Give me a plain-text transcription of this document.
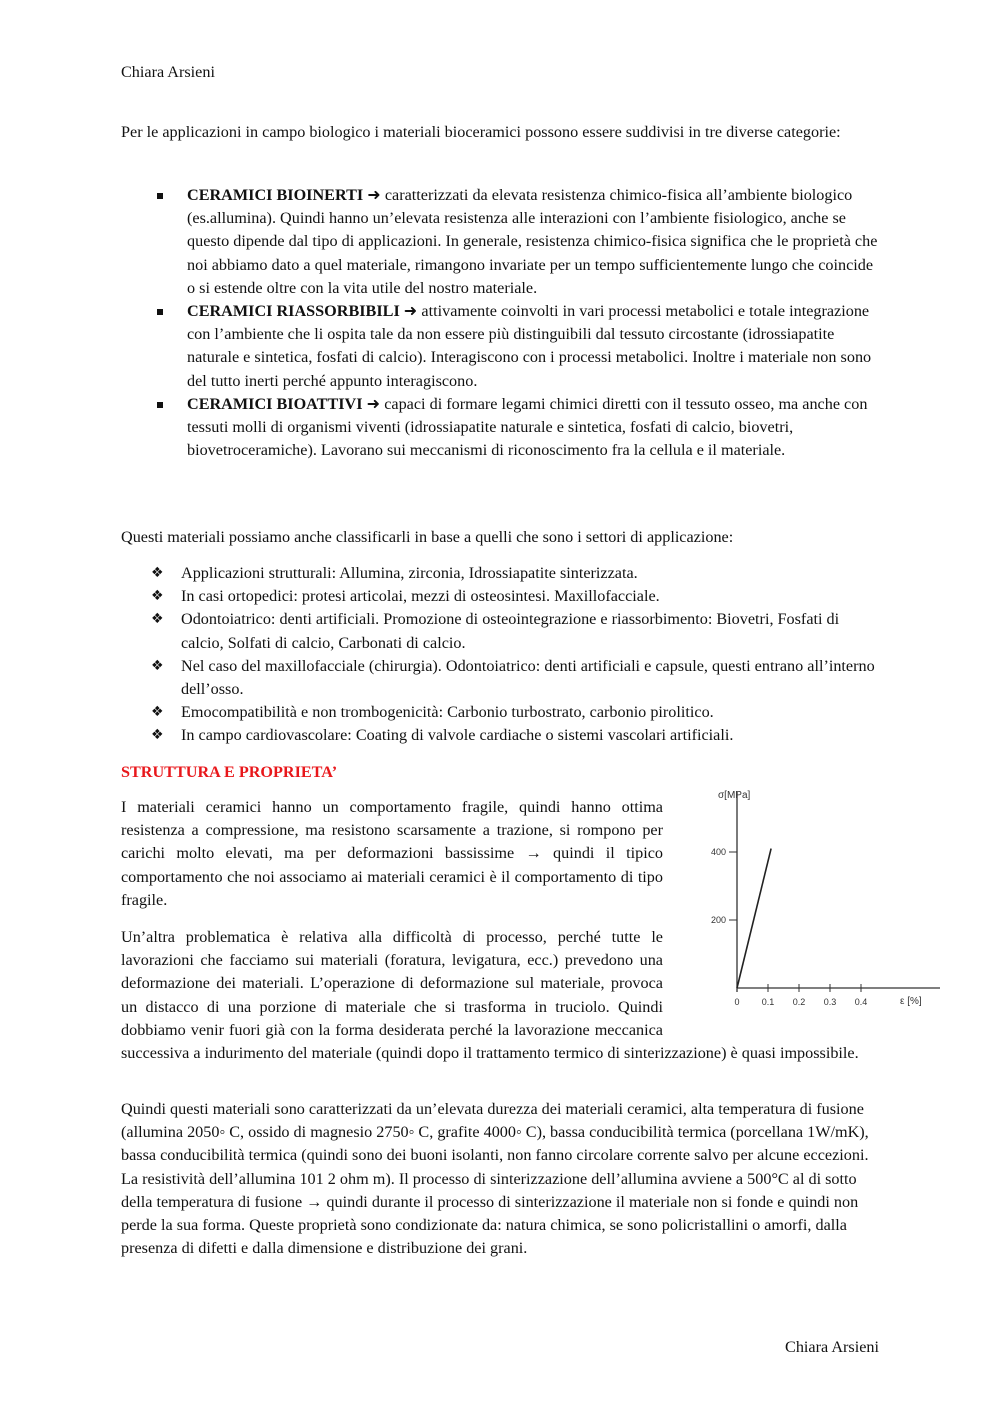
Chiara Arsieni

Per le applicazioni in campo biologico i materiali bioceramici possono essere suddivisi in tre diverse categorie:

CERAMICI BIOINERTI ➜ caratterizzati da elevata resistenza chimico-fisica all’ambiente biologico (es.allumina). Quindi hanno un’elevata resistenza alle interazioni con l’ambiente fisiologico, anche se questo dipende dal tipo di applicazioni. In generale, resistenza chimico-fisica significa che le proprietà che noi abbiamo dato a quel materiale, rimangono invariate per un tempo sufficientemente lungo che coincide o si estende oltre con la vita utile del nostro materiale.
CERAMICI RIASSORBIBILI ➜ attivamente coinvolti in vari processi metabolici e totale integrazione con l’ambiente che li ospita tale da non essere più distinguibili dal tessuto circostante (idrossiapatite naturale e sintetica, fosfati di calcio). Interagiscono con i processi metabolici. Inoltre i materiale non sono del tutto inerti perché appunto interagiscono.
CERAMICI BIOATTIVI ➜ capaci di formare legami chimici diretti con il tessuto osseo, ma anche con tessuti molli di organismi viventi (idrossiapatite naturale e sintetica, fosfati di calcio, biovetri, biovetroceramiche). Lavorano sui meccanismi di riconoscimento fra la cellula e il materiale.

Questi materiali possiamo anche classificarli in base a quelli che sono i settori di applicazione:

❖ Applicazioni strutturali: Allumina, zirconia, Idrossiapatite sinterizzata.
❖ In casi ortopedici: protesi articolai, mezzi di osteosintesi. Maxillofacciale.
❖ Odontoiatrico: denti artificiali. Promozione di osteointegrazione e riassorbimento: Biovetri, Fosfati di calcio, Solfati di calcio, Carbonati di calcio.
❖ Nel caso del maxillofacciale (chirurgia). Odontoiatrico: denti artificiali e capsule, questi entrano all’interno dell’osso.
❖ Emocompatibilità e non trombogenicità: Carbonio turbostrato, carbonio pirolitico.
❖ In campo cardiovascolare: Coating di valvole cardiache o sistemi vascolari artificiali.
STRUTTURA E PROPRIETA’

I materiali ceramici hanno un comportamento fragile, quindi hanno ottima resistenza a compressione, ma resistono scarsamente a trazione, si rompono per carichi molto elevati, ma per deformazioni bassissime → quindi il tipico comportamento che noi associamo ai materiali ceramici è il comportamento di tipo fragile.

Un’altra problematica è relativa alla difficoltà di processo, perché tutte le lavorazioni che facciamo sui materiali (foratura, levigatura, ecc.) prevedono una deformazione dei materiali. L’operazione di deformazione sul materiale, provoca un distacco di una porzione di materiale che si trasforma in truciolo. Quindi dobbiamo venir fuori già con la forma desiderata perché la lavorazione meccanica successiva a indurimento del materiale (quindi dopo il trattamento termico di sinterizzazione) è quasi impossibile.

Quindi questi materiali sono caratterizzati da un’elevata durezza dei materiali ceramici, alta temperatura di fusione (allumina 2050◦ C, ossido di magnesio 2750◦ C, grafite 4000◦ C), bassa conducibilità termica (porcellana 1W/mK), bassa conducibilità termica (quindi sono dei buoni isolanti, non fanno circolare corrente salvo per alcune eccezioni. La resistività dell’allumina 101 2 ohm m). Il processo di sinterizzazione dell’allumina avviene a 500°C al di sotto della temperatura di fusione → quindi durante il processo di sinterizzazione il materiale non si fonde e quindi non perde la sua forma. Queste proprietà sono condizionate da: natura chimica, se sono policristallini o amorfi, dalla presenza di difetti e dalla dimensione e distribuzione dei grani.

σ[MPa]
ε [%]
0 0.1 0.2 0.3 0.4
200
400
Chiara Arsieni
